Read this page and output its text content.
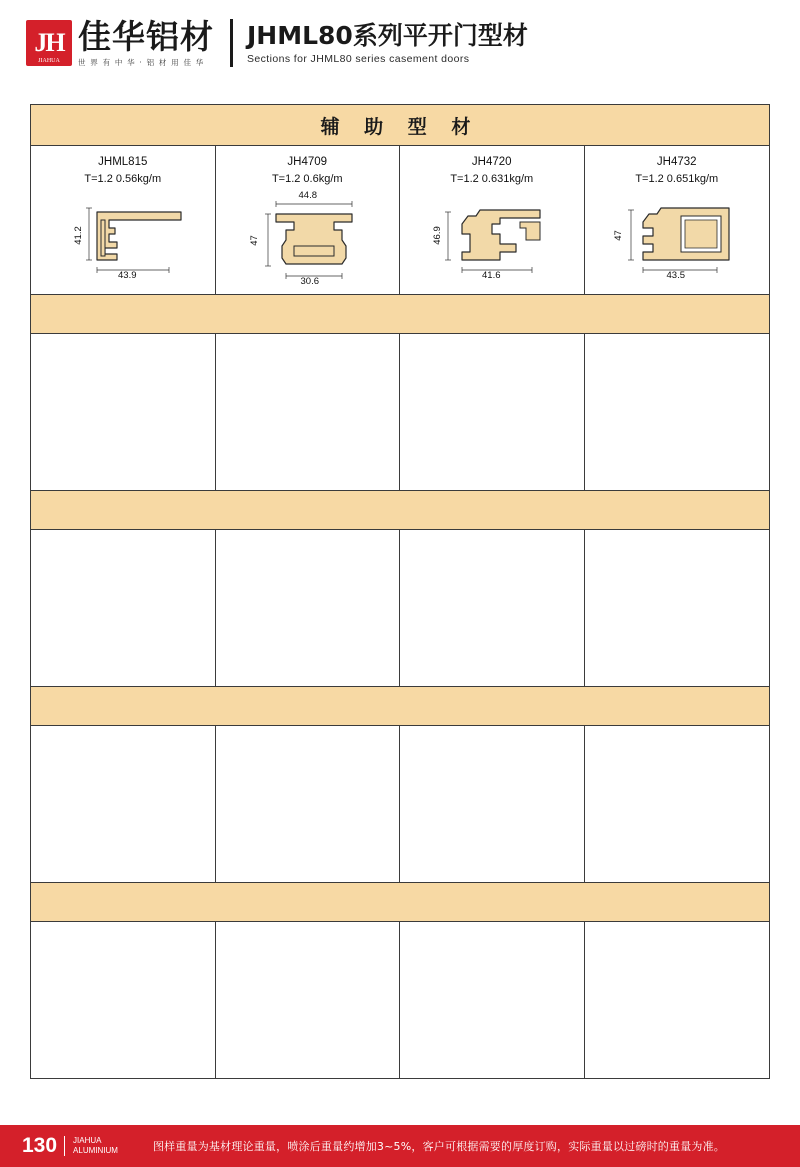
JH
JIAHUA
佳华铝材
世 界 有 中 华 · 铝 材 用 佳 华
JHML80系列平开门型材
Sections for JHML80 series casement doors
辅 助 型 材
JHML815
T=1.2 0.56kg/m
41.2
43.9
JH4709
T=1.2 0.6kg/m
44.8
47
30.6
JH4720
T=1.2 0.631kg/m
46.9
41.6
JH4732
T=1.2 0.651kg/m
47
43.5
130 JIAHUA
ALUMINIUM	图样重量为基材理论重量，喷涂后重量约增加3~5%，客户可根据需要的厚度订购，实际重量以过磅时的重量为准。
